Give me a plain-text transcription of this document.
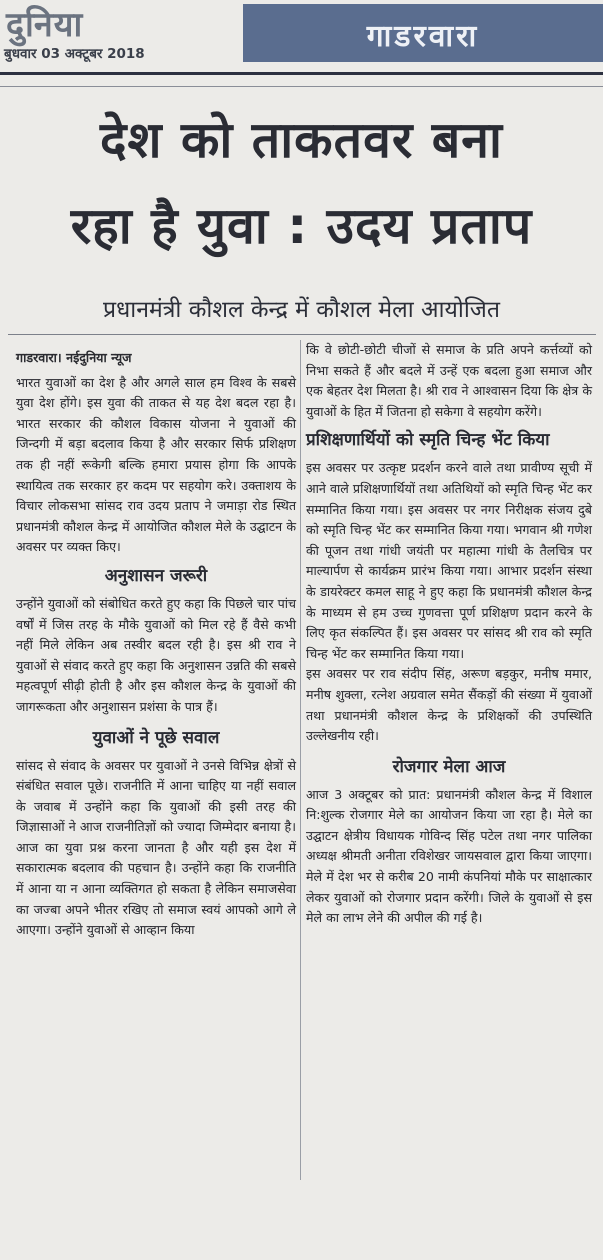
दुनिया
बुधवार 03 अक्टूबर 2018	गाडरवारा
देश को ताकतवर बना
रहा है युवा : उदय प्रताप
प्रधानमंत्री कौशल केन्द्र में कौशल मेला आयोजित

गाडरवारा। नईदुनिया न्यूज

भारत युवाओं का देश है और अगले साल हम विश्व के सबसे युवा देश होंगे। इस युवा की ताकत से यह देश बदल रहा है। भारत सरकार की कौशल विकास योजना ने युवाओं की जिन्दगी में बड़ा बदलाव किया है और सरकार सिर्फ प्रशिक्षण तक ही नहीं रूकेगी बल्कि हमारा प्रयास होगा कि आपके स्थायित्व तक सरकार हर कदम पर सहयोग करे। उक्ताशय के विचार लोकसभा सांसद राव उदय प्रताप ने जमाड़ा रोड स्थित प्रधानमंत्री कौशल केन्द्र में आयोजित कौशल मेले के उद्घाटन के अवसर पर व्यक्त किए।

अनुशासन जरूरी

उन्होंने युवाओं को संबोधित करते हुए कहा कि पिछले चार पांच वर्षों में जिस तरह के मौके युवाओं को मिल रहे हैं वैसे कभी नहीं मिले लेकिन अब तस्वीर बदल रही है। इस श्री राव ने युवाओं से संवाद करते हुए कहा कि अनुशासन उन्नति की सबसे महत्वपूर्ण सीढ़ी होती है और इस कौशल केन्द्र के युवाओं की जागरूकता और अनुशासन प्रशंसा के पात्र हैं।

युवाओं ने पूछे सवाल

सांसद से संवाद के अवसर पर युवाओं ने उनसे विभिन्न क्षेत्रों से संबंधित सवाल पूछे। राजनीति में आना चाहिए या नहीं सवाल के जवाब में उन्होंने कहा कि युवाओं की इसी तरह की जिज्ञासाओं ने आज राजनीतिज्ञों को ज्यादा जिम्मेदार बनाया है। आज का युवा प्रश्न करना जानता है और यही इस देश में सकारात्मक बदलाव की पहचान है। उन्होंने कहा कि राजनीति में आना या न आना व्यक्तिगत हो सकता है लेकिन समाजसेवा का जज्बा अपने भीतर रखिए तो समाज स्वयं आपको आगे ले आएगा। उन्होंने युवाओं से आव्हान किया

कि वे छोटी-छोटी चीजों से समाज के प्रति अपने कर्त्तव्यों को निभा सकते हैं और बदले में उन्हें एक बदला हुआ समाज और एक बेहतर देश मिलता है। श्री राव ने आश्वासन दिया कि क्षेत्र के युवाओं के हित में जितना हो सकेगा वे सहयोग करेंगे।

प्रशिक्षणार्थियों को स्मृति चिन्ह भेंट किया

इस अवसर पर उत्कृष्ट प्रदर्शन करने वाले तथा प्रावीण्य सूची में आने वाले प्रशिक्षणार्थियों तथा अतिथियों को स्मृति चिन्ह भेंट कर सम्मानित किया गया। इस अवसर पर नगर निरीक्षक संजय दुबे को स्मृति चिन्ह भेंट कर सम्मानित किया गया। भगवान श्री गणेश की पूजन तथा गांधी जयंती पर महात्मा गांधी के तैलचित्र पर माल्यार्पण से कार्यक्रम प्रारंभ किया गया। आभार प्रदर्शन संस्था के डायरेक्टर कमल साहू ने हुए कहा कि प्रधानमंत्री कौशल केन्द्र के माध्यम से हम उच्च गुणवत्ता पूर्ण प्रशिक्षण प्रदान करने के लिए कृत संकल्पित हैं। इस अवसर पर सांसद श्री राव को स्मृति चिन्ह भेंट कर सम्मानित किया गया।

इस अवसर पर राव संदीप सिंह, अरूण बड़कुर, मनीष ममार, मनीष शुक्ला, रत्नेश अग्रवाल समेत सैंकड़ों की संख्या में युवाओं तथा प्रधानमंत्री कौशल केन्द्र के प्रशिक्षकों की उपस्थिति उल्लेखनीय रही।

रोजगार मेला आज

आज 3 अक्टूबर को प्रात: प्रधानमंत्री कौशल केन्द्र में विशाल नि:शुल्क रोजगार मेले का आयोजन किया जा रहा है। मेले का उद्घाटन क्षेत्रीय विधायक गोविन्द सिंह पटेल तथा नगर पालिका अध्यक्ष श्रीमती अनीता रविशेखर जायसवाल द्वारा किया जाएगा। मेले में देश भर से करीब 20 नामी कंपनियां मौके पर साक्षात्कार लेकर युवाओं को रोजगार प्रदान करेंगी। जिले के युवाओं से इस मेले का लाभ लेने की अपील की गई है।
